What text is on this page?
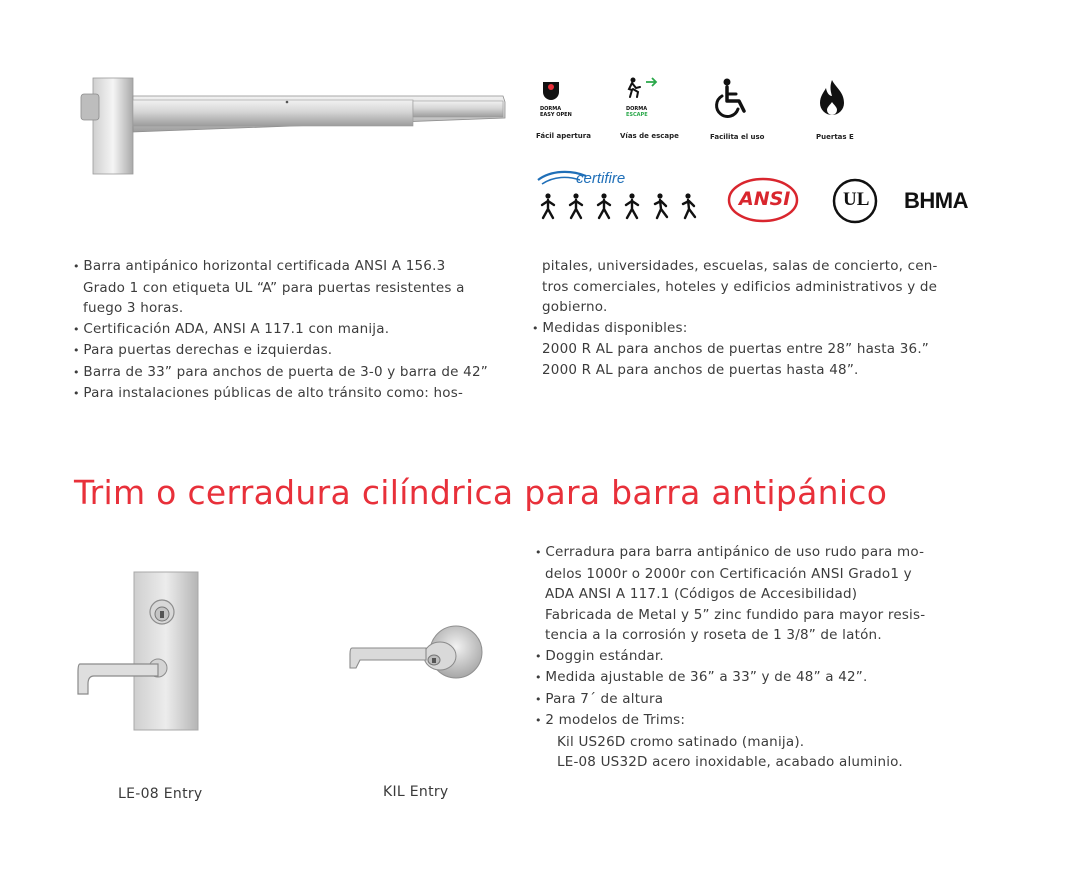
DORMA
EASY OPEN
Fácil apertura
DORMA
ESCAPE
Vías de escape	Facilita el uso	Puertas E
certifire
ANSI	UL BHMA

• Barra antipánico horizontal certificada ANSI A 156.3

Grado 1 con etiqueta UL “A” para puertas resistentes a

fuego 3 horas.

• Certificación ADA, ANSI A 117.1 con manija.

• Para puertas derechas e izquierdas.

• Barra de 33” para anchos de puerta de 3-0 y barra de 42”

• Para instalaciones públicas de alto tránsito como: hos-

pitales, universidades, escuelas, salas de concierto, cen-

tros comerciales, hoteles y edificios administrativos y de

gobierno.

• Medidas disponibles:

2000 R AL para anchos de puertas entre 28” hasta 36.”

2000 R AL para anchos de puertas hasta 48”.

Trim o cerradura cilíndrica para barra antipánico
LE-08 Entry	KIL Entry

• Cerradura para barra antipánico de uso rudo para mo-

delos 1000r o 2000r con Certificación ANSI Grado1 y

ADA ANSI A 117.1 (Códigos de Accesibilidad)

Fabricada de Metal y 5” zinc fundido para mayor resis-

tencia a la corrosión y roseta de 1 3/8” de latón.

• Doggin estándar.

• Medida ajustable de 36” a 33” y de 48” a 42”.

• Para 7´ de altura

• 2 modelos de Trims:

Kil US26D cromo satinado (manija).

LE-08 US32D acero inoxidable, acabado aluminio.
